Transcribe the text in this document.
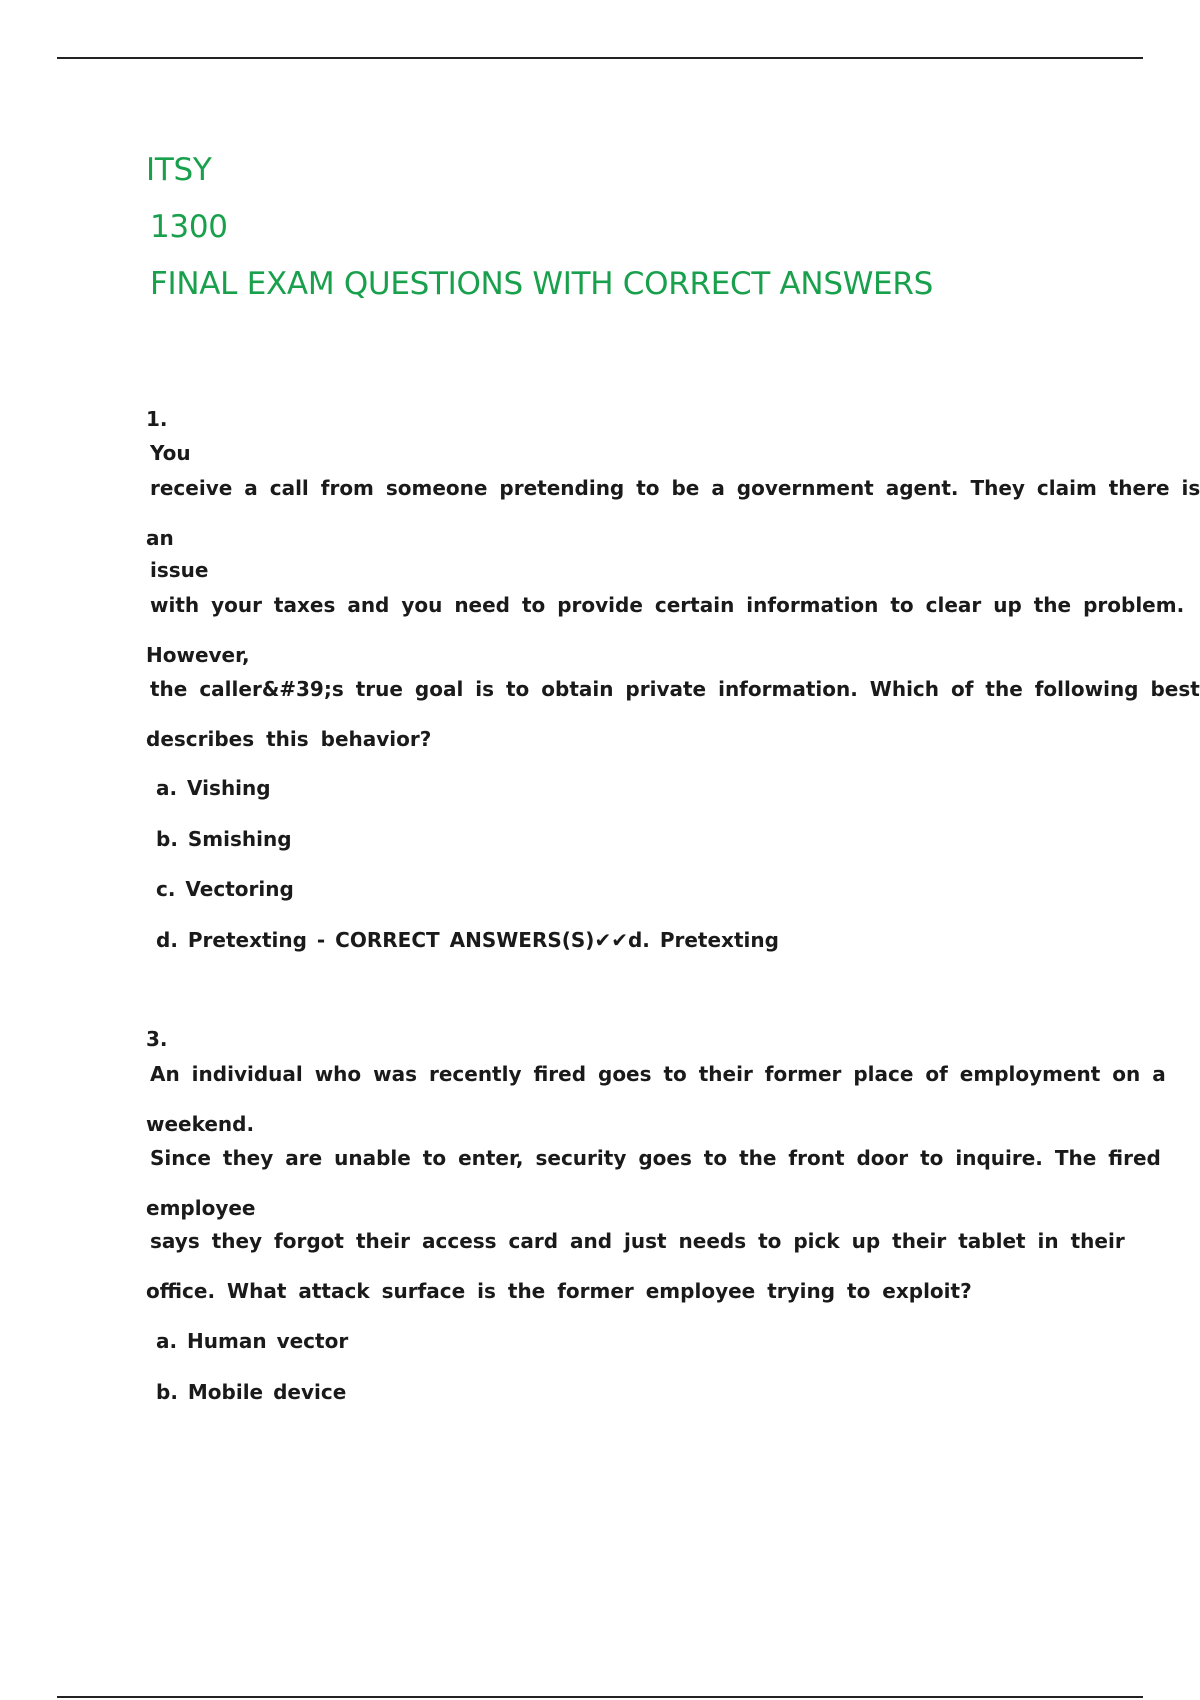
ITSY
1300
FINAL EXAM QUESTIONS WITH CORRECT ANSWERS
1.
You
receive a call from someone pretending to be a government agent. They claim there is
an
issue
with your taxes and you need to provide certain information to clear up the problem.
However,
the caller&#39;s true goal is to obtain private information. Which of the following best
describes this behavior?
a. Vishing
b. Smishing
c. Vectoring
d. Pretexting - CORRECT ANSWERS(S)✔✔d. Pretexting
3.
An individual who was recently fired goes to their former place of employment on a
weekend.
Since they are unable to enter, security goes to the front door to inquire. The fired
employee
says they forgot their access card and just needs to pick up their tablet in their
office. What attack surface is the former employee trying to exploit?
a. Human vector
b. Mobile device
